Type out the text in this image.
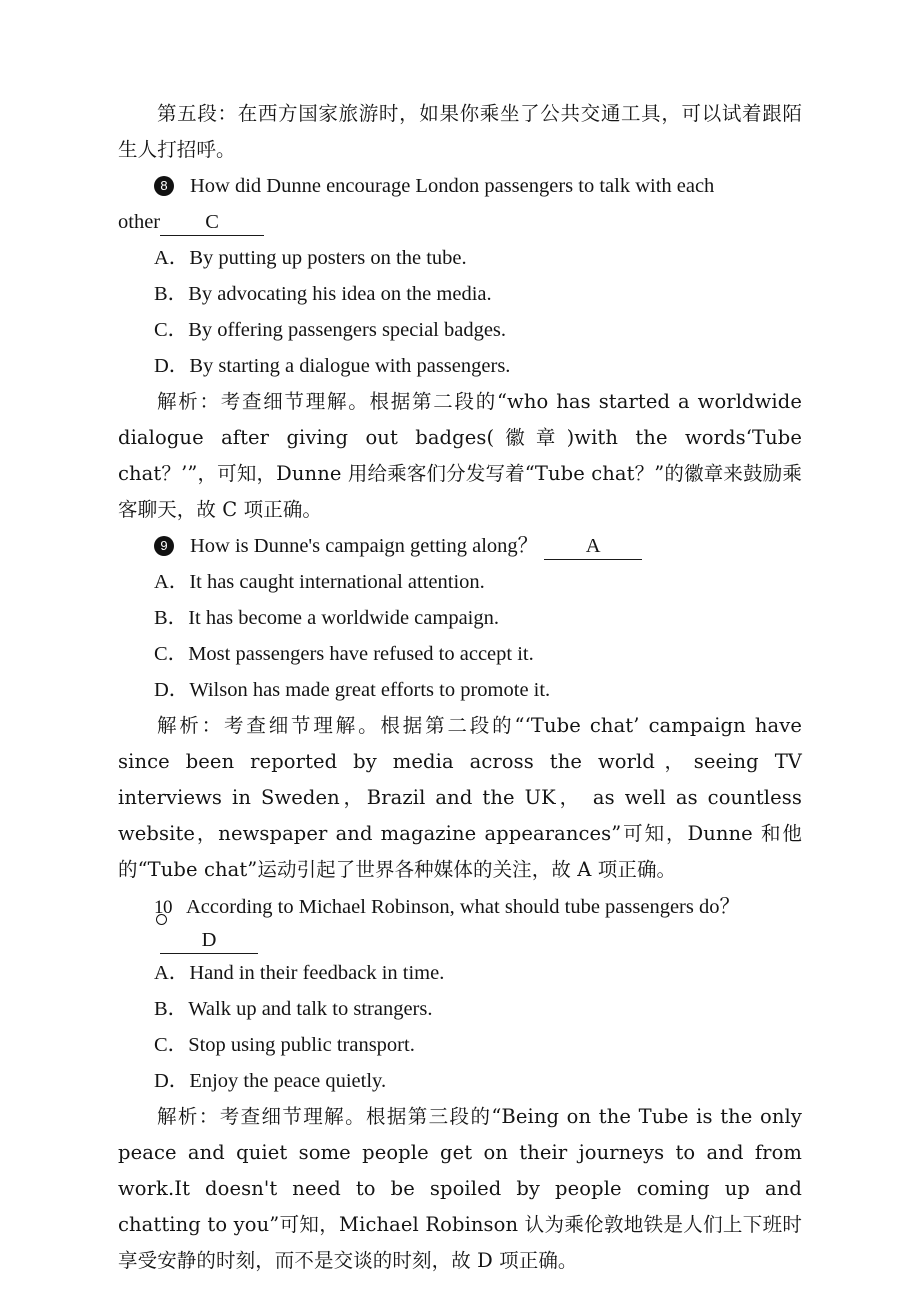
第五段：在西方国家旅游时，如果你乘坐了公共交通工具，可以试着跟陌生人打招呼。

8 How did Dunne encourage London passengers to talk with each

other C

A．By putting up posters on the tube.

B．By advocating his idea on the media.

C．By offering passengers special badges.

D．By starting a dialogue with passengers.

解析：考查细节理解。根据第二段的“who has started a worldwide dialogue after giving out badges(徽章)with the words‘Tube chat？’”，可知，Dunne 用给乘客们分发写着“Tube chat？”的徽章来鼓励乘客聊天，故 C 项正确。

9 How is Dunne's campaign getting along？ A

A．It has caught international attention.

B．It has become a worldwide campaign.

C．Most passengers have refused to accept it.

D．Wilson has made great efforts to promote it.

解析：考查细节理解。根据第二段的“‘Tube chat’ campaign have since been reported by media across the world，seeing TV interviews in Sweden，Brazil and the UK， as well as countless website，newspaper and magazine appearances”可知，Dunne 和他的“Tube chat”运动引起了世界各种媒体的关注，故 A 项正确。

10 According to Michael Robinson, what should tube passengers do？D

A．Hand in their feedback in time.

B．Walk up and talk to strangers.

C．Stop using public transport.

D．Enjoy the peace quietly.

解析：考查细节理解。根据第三段的“Being on the Tube is the only peace and quiet some people get on their journeys to and from work.It doesn't need to be spoiled by people coming up and chatting to you”可知，Michael Robinson 认为乘伦敦地铁是人们上下班时享受安静的时刻，而不是交谈的时刻，故 D 项正确。
